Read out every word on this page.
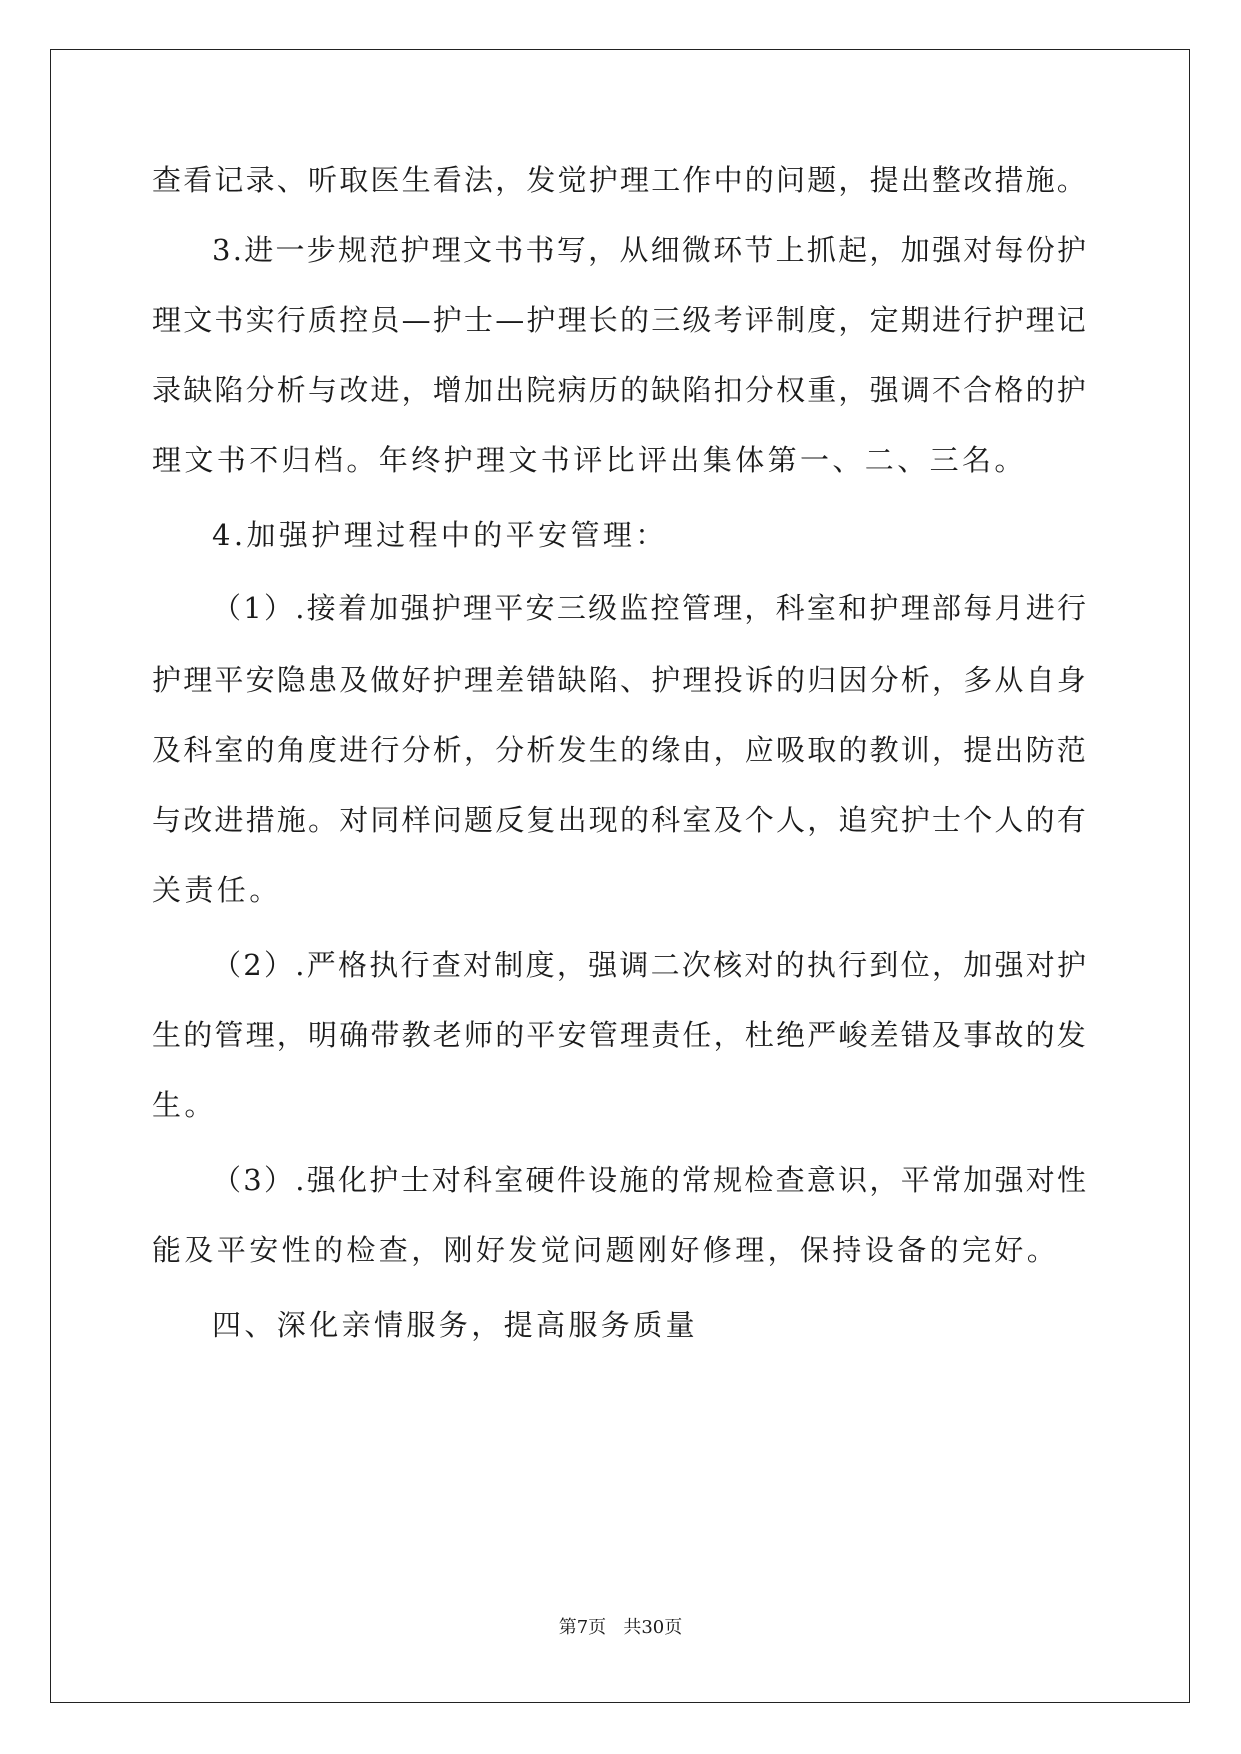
查看记录、听取医生看法，发觉护理工作中的问题，提出整改措施。
3.进一步规范护理文书书写，从细微环节上抓起，加强对每份护
理文书实行质控员—护士—护理长的三级考评制度，定期进行护理记
录缺陷分析与改进，增加出院病历的缺陷扣分权重，强调不合格的护
理文书不归档。年终护理文书评比评出集体第一、二、三名。
4.加强护理过程中的平安管理：
（1）.接着加强护理平安三级监控管理，科室和护理部每月进行
护理平安隐患及做好护理差错缺陷、护理投诉的归因分析，多从自身
及科室的角度进行分析，分析发生的缘由，应吸取的教训，提出防范
与改进措施。对同样问题反复出现的科室及个人，追究护士个人的有
关责任。
（2）.严格执行查对制度，强调二次核对的执行到位，加强对护
生的管理，明确带教老师的平安管理责任，杜绝严峻差错及事故的发
生。
（3）.强化护士对科室硬件设施的常规检查意识，平常加强对性
能及平安性的检查，刚好发觉问题刚好修理，保持设备的完好。
四、深化亲情服务，提高服务质量
第7页 共30页
